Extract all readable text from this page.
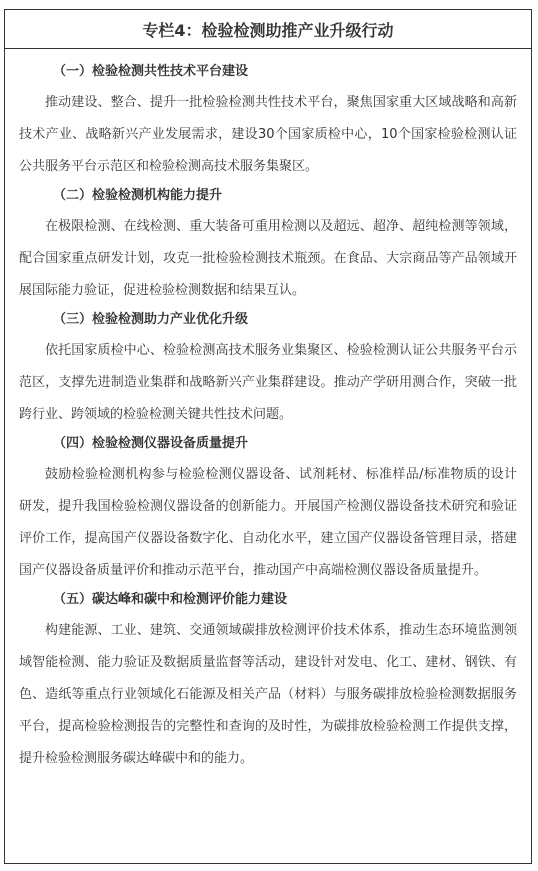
专栏4：检验检测助推产业升级行动
（一）检验检测共性技术平台建设

推动建设、整合、提升一批检验检测共性技术平台，聚焦国家重大区域战略和高新技术产业、战略新兴产业发展需求，建设30个国家质检中心，10个国家检验检测认证公共服务平台示范区和检验检测高技术服务集聚区。

（二）检验检测机构能力提升

在极限检测、在线检测、重大装备可重用检测以及超远、超净、超纯检测等领域，配合国家重点研发计划，攻克一批检验检测技术瓶颈。在食品、大宗商品等产品领域开展国际能力验证，促进检验检测数据和结果互认。

（三）检验检测助力产业优化升级

依托国家质检中心、检验检测高技术服务业集聚区、检验检测认证公共服务平台示范区，支撑先进制造业集群和战略新兴产业集群建设。推动产学研用测合作，突破一批跨行业、跨领域的检验检测关键共性技术问题。

（四）检验检测仪器设备质量提升

鼓励检验检测机构参与检验检测仪器设备、试剂耗材、标准样品/标准物质的设计研发，提升我国检验检测仪器设备的创新能力。开展国产检测仪器设备技术研究和验证评价工作，提高国产仪器设备数字化、自动化水平，建立国产仪器设备管理目录，搭建国产仪器设备质量评价和推动示范平台，推动国产中高端检测仪器设备质量提升。

（五）碳达峰和碳中和检测评价能力建设

构建能源、工业、建筑、交通领域碳排放检测评价技术体系，推动生态环境监测领域智能检测、能力验证及数据质量监督等活动，建设针对发电、化工、建材、钢铁、有色、造纸等重点行业领域化石能源及相关产品（材料）与服务碳排放检验检测数据服务平台，提高检验检测报告的完整性和查询的及时性，为碳排放检验检测工作提供支撑，提升检验检测服务碳达峰碳中和的能力。
